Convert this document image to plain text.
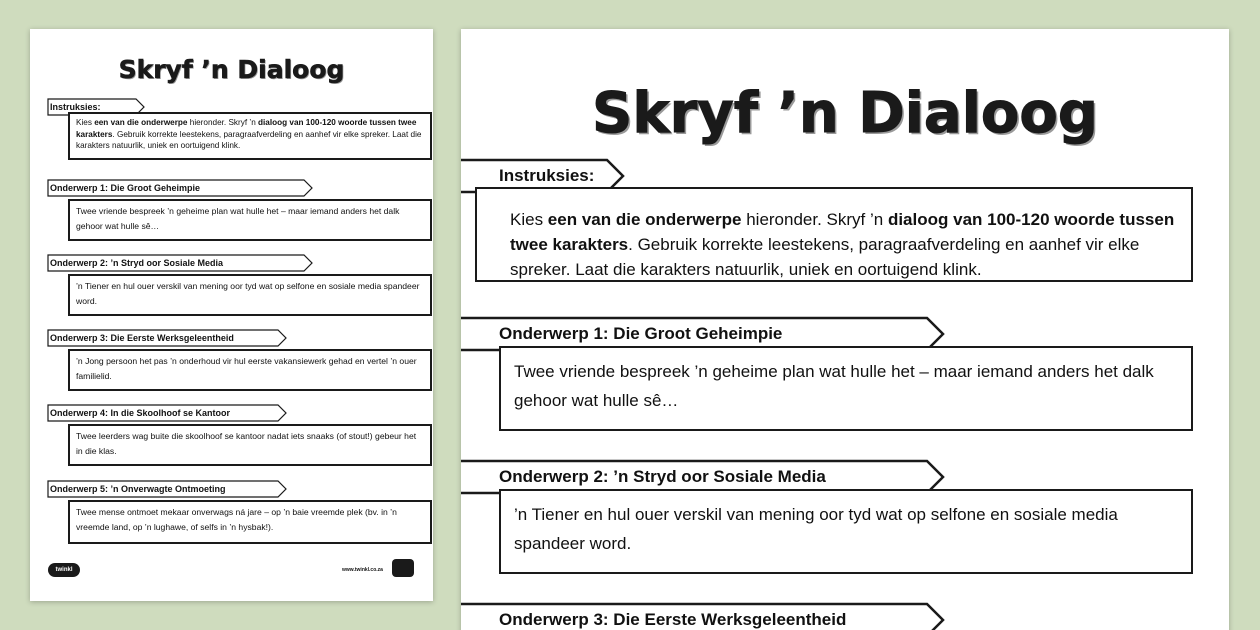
Skryf ’n Dialoog
Instruksies:
Kies een van die onderwerpe hieronder. Skryf ’n dialoog van 100-120 woorde tussen twee karakters. Gebruik korrekte leestekens, paragraafverdeling en aanhef vir elke spreker. Laat die karakters natuurlik, uniek en oortuigend klink.
Onderwerp 1: Die Groot Geheimpie
Twee vriende bespreek ’n geheime plan wat hulle het – maar iemand anders het dalk gehoor wat hulle sê…
Onderwerp 2: ’n Stryd oor Sosiale Media
’n Tiener en hul ouer verskil van mening oor tyd wat op selfone en sosiale media spandeer word.
Onderwerp 3: Die Eerste Werksgeleentheid
’n Jong persoon het pas ’n onderhoud vir hul eerste vakansiewerk gehad en vertel ’n ouer familielid.
Onderwerp 4: In die Skoolhoof se Kantoor
Twee leerders wag buite die skoolhoof se kantoor nadat iets snaaks (of stout!) gebeur het in die klas.
Onderwerp 5: ’n Onverwagte Ontmoeting
Twee mense ontmoet mekaar onverwags ná jare – op ’n baie vreemde plek (bv. in ’n vreemde land, op ’n lughawe, of selfs in ’n hysbak!).
twinkl	www.twinkl.co.za
Skryf ’n Dialoog
Instruksies:
Kies een van die onderwerpe hieronder. Skryf ’n dialoog van 100-120 woorde tussen twee karakters. Gebruik korrekte leestekens, paragraafverdeling en aanhef vir elke spreker. Laat die karakters natuurlik, uniek en oortuigend klink.
Onderwerp 1: Die Groot Geheimpie
Twee vriende bespreek ’n geheime plan wat hulle het – maar iemand anders het dalk gehoor wat hulle sê…
Onderwerp 2: ’n Stryd oor Sosiale Media
’n Tiener en hul ouer verskil van mening oor tyd wat op selfone en sosiale media spandeer word.
Onderwerp 3: Die Eerste Werksgeleentheid
